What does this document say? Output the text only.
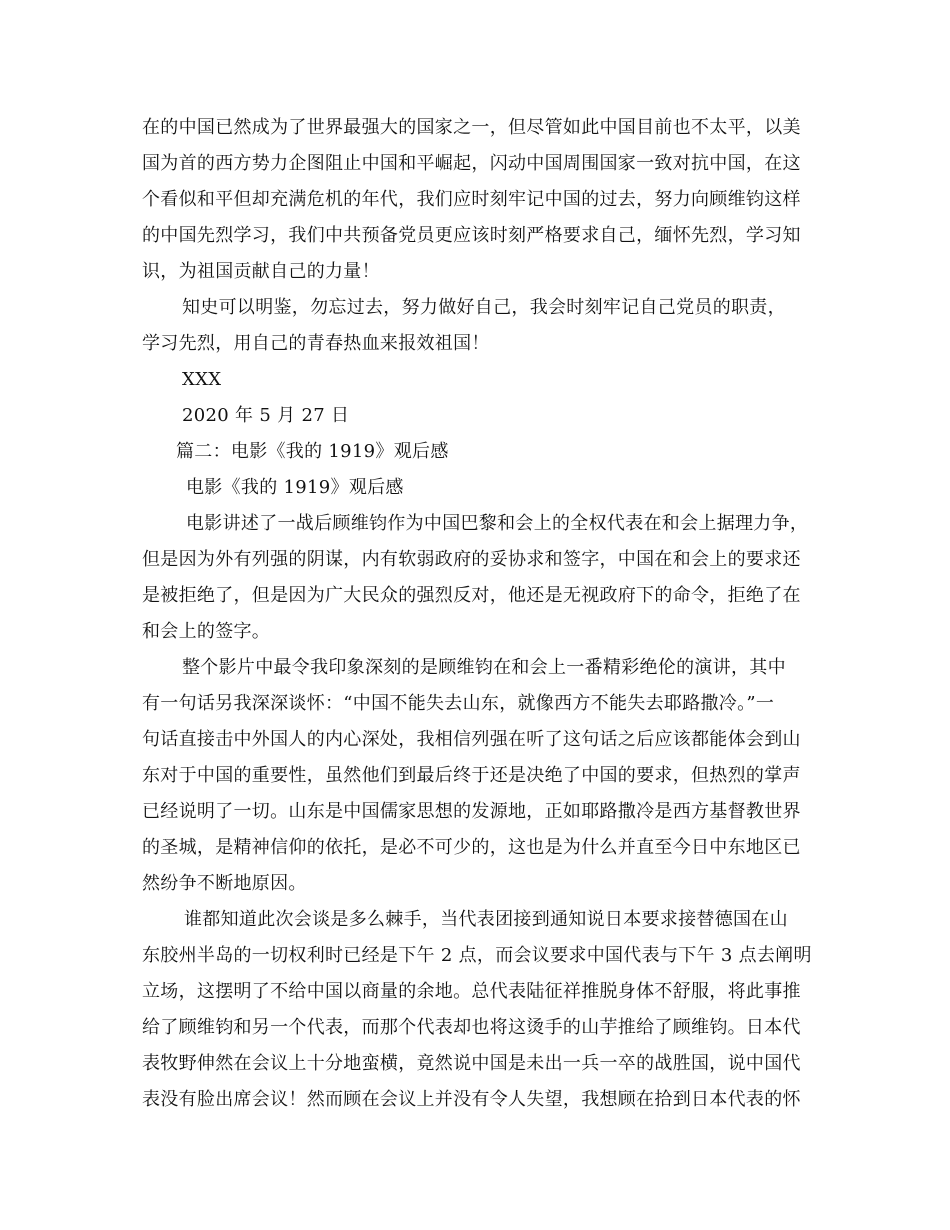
在的中国已然成为了世界最强大的国家之一，但尽管如此中国目前也不太平，以美
国为首的西方势力企图阻止中国和平崛起，闪动中国周围国家一致对抗中国，在这
个看似和平但却充满危机的年代，我们应时刻牢记中国的过去，努力向顾维钧这样
的中国先烈学习，我们中共预备党员更应该时刻严格要求自己，缅怀先烈，学习知
识，为祖国贡献自己的力量！
知史可以明鉴，勿忘过去，努力做好自己，我会时刻牢记自己党员的职责，
学习先烈，用自己的青春热血来报效祖国！
XXX
2020 年 5 月 27 日
篇二：电影《我的 1919》观后感
电影《我的 1919》观后感
电影讲述了一战后顾维钧作为中国巴黎和会上的全权代表在和会上据理力争，
但是因为外有列强的阴谋，内有软弱政府的妥协求和签字，中国在和会上的要求还
是被拒绝了，但是因为广大民众的强烈反对，他还是无视政府下的命令，拒绝了在
和会上的签字。
整个影片中最令我印象深刻的是顾维钧在和会上一番精彩绝伦的演讲，其中
有一句话另我深深谈怀：“中国不能失去山东，就像西方不能失去耶路撒冷。”一
句话直接击中外国人的内心深处，我相信列强在听了这句话之后应该都能体会到山
东对于中国的重要性，虽然他们到最后终于还是决绝了中国的要求，但热烈的掌声
已经说明了一切。山东是中国儒家思想的发源地，正如耶路撒冷是西方基督教世界
的圣城，是精神信仰的依托，是必不可少的，这也是为什么并直至今日中东地区已
然纷争不断地原因。
谁都知道此次会谈是多么棘手，当代表团接到通知说日本要求接替德国在山
东胶州半岛的一切权利时已经是下午 2 点，而会议要求中国代表与下午 3 点去阐明
立场，这摆明了不给中国以商量的余地。总代表陆征祥推脱身体不舒服，将此事推
给了顾维钧和另一个代表，而那个代表却也将这烫手的山芋推给了顾维钧。日本代
表牧野伸然在会议上十分地蛮横，竟然说中国是未出一兵一卒的战胜国，说中国代
表没有脸出席会议！然而顾在会议上并没有令人失望，我想顾在拾到日本代表的怀
